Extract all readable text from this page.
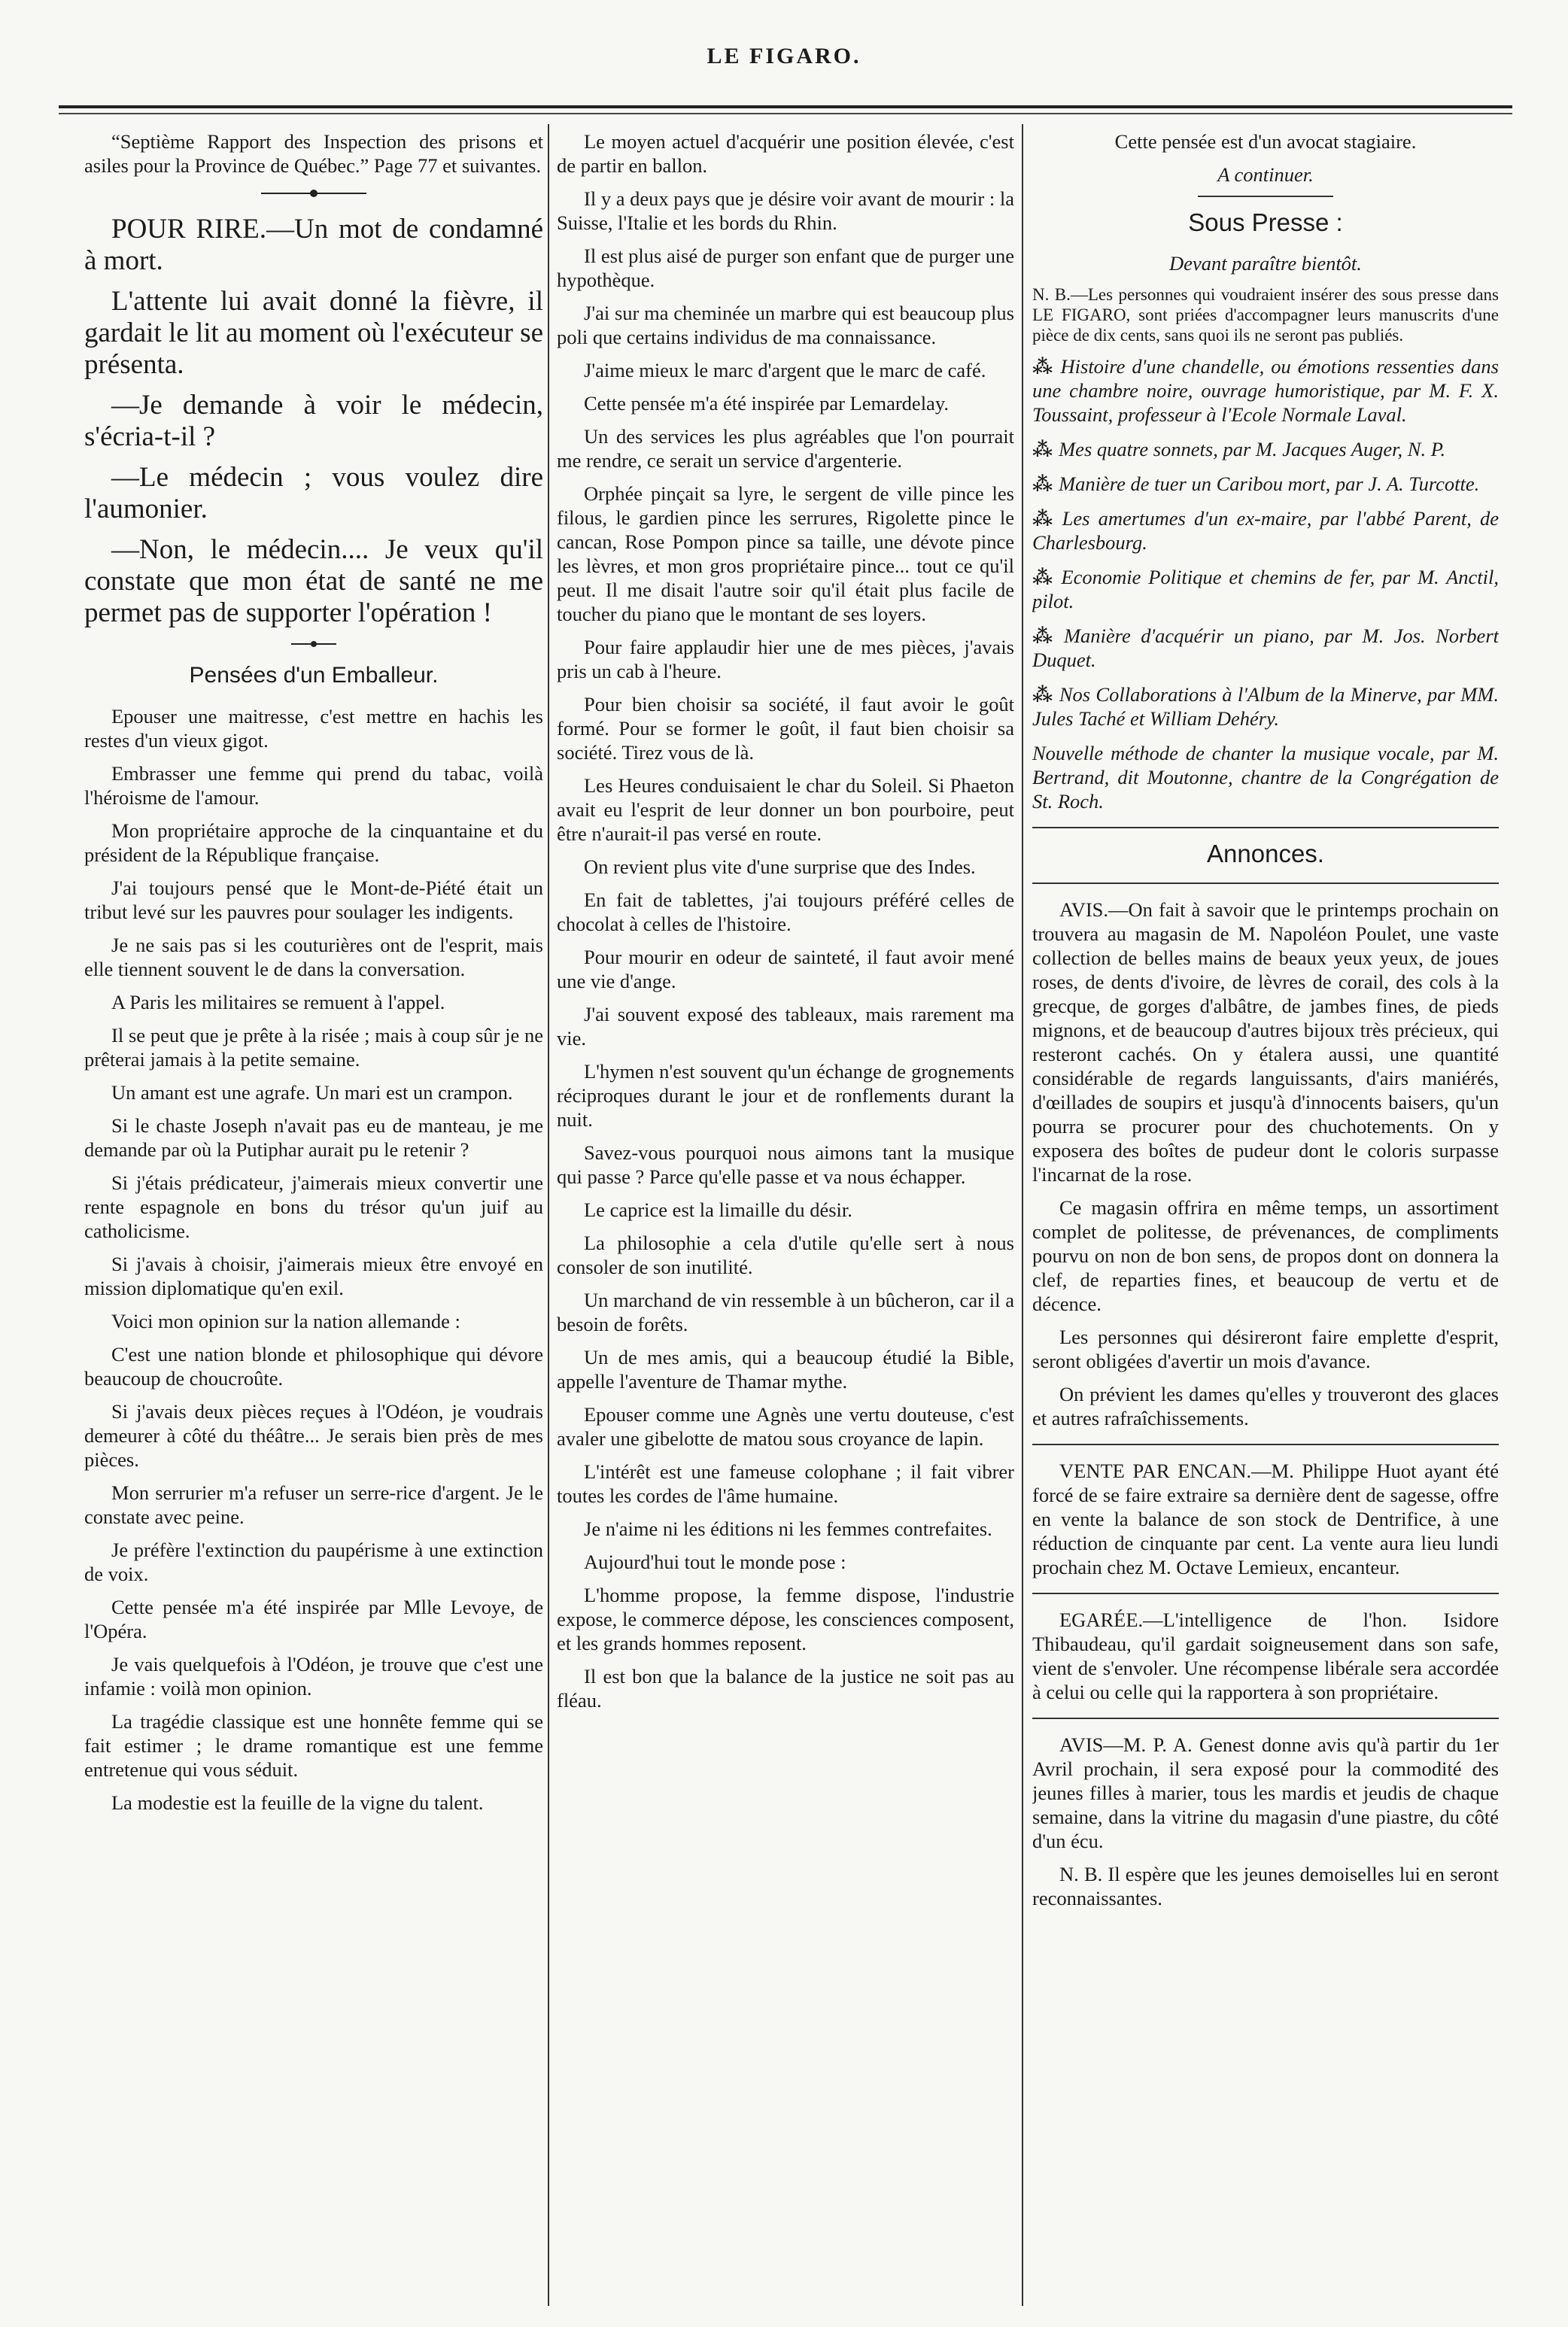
LE FIGARO.

“Septième Rapport des Inspection des prisons et asiles pour la Province de Québec.” Page 77 et suivantes.

POUR RIRE.—Un mot de condamné à mort.

L'attente lui avait donné la fièvre, il gardait le lit au moment où l'exécuteur se présenta.

—Je demande à voir le médecin, s'écria-t-il ?

—Le médecin ; vous voulez dire l'aumonier.

—Non, le médecin.... Je veux qu'il constate que mon état de santé ne me permet pas de supporter l'opération !

Pensées d'un Emballeur.

Epouser une maitresse, c'est mettre en hachis les restes d'un vieux gigot.

Embrasser une femme qui prend du tabac, voilà l'héroisme de l'amour.

Mon propriétaire approche de la cinquantaine et du président de la République française.

J'ai toujours pensé que le Mont-de-Piété était un tribut levé sur les pauvres pour soulager les indigents.

Je ne sais pas si les couturières ont de l'esprit, mais elle tiennent souvent le de dans la conversation.

A Paris les militaires se remuent à l'appel.

Il se peut que je prête à la risée ; mais à coup sûr je ne prêterai jamais à la petite semaine.

Un amant est une agrafe. Un mari est un crampon.

Si le chaste Joseph n'avait pas eu de manteau, je me demande par où la Putiphar aurait pu le retenir ?

Si j'étais prédicateur, j'aimerais mieux convertir une rente espagnole en bons du trésor qu'un juif au catholicisme.

Si j'avais à choisir, j'aimerais mieux être envoyé en mission diplomatique qu'en exil.

Voici mon opinion sur la nation allemande :

C'est une nation blonde et philosophique qui dévore beaucoup de choucroûte.

Si j'avais deux pièces reçues à l'Odéon, je voudrais demeurer à côté du théâtre... Je serais bien près de mes pièces.

Mon serrurier m'a refuser un serre-rice d'argent. Je le constate avec peine.

Je préfère l'extinction du paupérisme à une extinction de voix.

Cette pensée m'a été inspirée par Mlle Levoye, de l'Opéra.

Je vais quelquefois à l'Odéon, je trouve que c'est une infamie : voilà mon opinion.

La tragédie classique est une honnête femme qui se fait estimer ; le drame romantique est une femme entretenue qui vous séduit.

La modestie est la feuille de la vigne du talent.

Le moyen actuel d'acquérir une position élevée, c'est de partir en ballon.

Il y a deux pays que je désire voir avant de mourir : la Suisse, l'Italie et les bords du Rhin.

Il est plus aisé de purger son enfant que de purger une hypothèque.

J'ai sur ma cheminée un marbre qui est beaucoup plus poli que certains individus de ma connaissance.

J'aime mieux le marc d'argent que le marc de café.

Cette pensée m'a été inspirée par Lemardelay.

Un des services les plus agréables que l'on pourrait me rendre, ce serait un service d'argenterie.

Orphée pinçait sa lyre, le sergent de ville pince les filous, le gardien pince les serrures, Rigolette pince le cancan, Rose Pompon pince sa taille, une dévote pince les lèvres, et mon gros propriétaire pince... tout ce qu'il peut. Il me disait l'autre soir qu'il était plus facile de toucher du piano que le montant de ses loyers.

Pour faire applaudir hier une de mes pièces, j'avais pris un cab à l'heure.

Pour bien choisir sa société, il faut avoir le goût formé. Pour se former le goût, il faut bien choisir sa société. Tirez vous de là.

Les Heures conduisaient le char du Soleil. Si Phaeton avait eu l'esprit de leur donner un bon pourboire, peut être n'aurait-il pas versé en route.

On revient plus vite d'une surprise que des Indes.

En fait de tablettes, j'ai toujours préféré celles de chocolat à celles de l'histoire.

Pour mourir en odeur de sainteté, il faut avoir mené une vie d'ange.

J'ai souvent exposé des tableaux, mais rarement ma vie.

L'hymen n'est souvent qu'un échange de grognements réciproques durant le jour et de ronflements durant la nuit.

Savez-vous pourquoi nous aimons tant la musique qui passe ? Parce qu'elle passe et va nous échapper.

Le caprice est la limaille du désir.

La philosophie a cela d'utile qu'elle sert à nous consoler de son inutilité.

Un marchand de vin ressemble à un bûcheron, car il a besoin de forêts.

Un de mes amis, qui a beaucoup étudié la Bible, appelle l'aventure de Thamar mythe.

Epouser comme une Agnès une vertu douteuse, c'est avaler une gibelotte de matou sous croyance de lapin.

L'intérêt est une fameuse colophane ; il fait vibrer toutes les cordes de l'âme humaine.

Je n'aime ni les éditions ni les femmes contrefaites.

Aujourd'hui tout le monde pose :

L'homme propose, la femme dispose, l'industrie expose, le commerce dépose, les consciences composent, et les grands hommes reposent.

Il est bon que la balance de la justice ne soit pas au fléau.

Cette pensée est d'un avocat stagiaire.

A continuer.

Sous Presse :

Devant paraître bientôt.

N. B.—Les personnes qui voudraient insérer des sous presse dans LE FIGARO, sont priées d'accompagner leurs manuscrits d'une pièce de dix cents, sans quoi ils ne seront pas publiés.

⁂ Histoire d'une chandelle, ou émotions ressenties dans une chambre noire, ouvrage humoristique, par M. F. X. Toussaint, professeur à l'Ecole Normale Laval.

⁂ Mes quatre sonnets, par M. Jacques Auger, N. P.

⁂ Manière de tuer un Caribou mort, par J. A. Turcotte.

⁂ Les amertumes d'un ex-maire, par l'abbé Parent, de Charlesbourg.

⁂ Economie Politique et chemins de fer, par M. Anctil, pilot.

⁂ Manière d'acquérir un piano, par M. Jos. Norbert Duquet.

⁂ Nos Collaborations à l'Album de la Minerve, par MM. Jules Taché et William Dehéry.

Nouvelle méthode de chanter la musique vocale, par M. Bertrand, dit Moutonne, chantre de la Congrégation de St. Roch.

Annonces.

AVIS.—On fait à savoir que le printemps prochain on trouvera au magasin de M. Napoléon Poulet, une vaste collection de belles mains de beaux yeux yeux, de joues roses, de dents d'ivoire, de lèvres de corail, des cols à la grecque, de gorges d'albâtre, de jambes fines, de pieds mignons, et de beaucoup d'autres bijoux très précieux, qui resteront cachés. On y étalera aussi, une quantité considérable de regards languissants, d'airs maniérés, d'œillades de soupirs et jusqu'à d'innocents baisers, qu'un pourra se procurer pour des chuchotements. On y exposera des boîtes de pudeur dont le coloris surpasse l'incarnat de la rose.

Ce magasin offrira en même temps, un assortiment complet de politesse, de prévenances, de compliments pourvu on non de bon sens, de propos dont on donnera la clef, de reparties fines, et beaucoup de vertu et de décence.

Les personnes qui désireront faire emplette d'esprit, seront obligées d'avertir un mois d'avance.

On prévient les dames qu'elles y trouveront des glaces et autres rafraîchissements.

VENTE PAR ENCAN.—M. Philippe Huot ayant été forcé de se faire extraire sa dernière dent de sagesse, offre en vente la balance de son stock de Dentrifice, à une réduction de cinquante par cent. La vente aura lieu lundi prochain chez M. Octave Lemieux, encanteur.

EGARÉE.—L'intelligence de l'hon. Isidore Thibaudeau, qu'il gardait soigneusement dans son safe, vient de s'envoler. Une récompense libérale sera accordée à celui ou celle qui la rapportera à son propriétaire.

AVIS—M. P. A. Genest donne avis qu'à partir du 1er Avril prochain, il sera exposé pour la commodité des jeunes filles à marier, tous les mardis et jeudis de chaque semaine, dans la vitrine du magasin d'une piastre, du côté d'un écu.

N. B. Il espère que les jeunes demoiselles lui en seront reconnaissantes.
